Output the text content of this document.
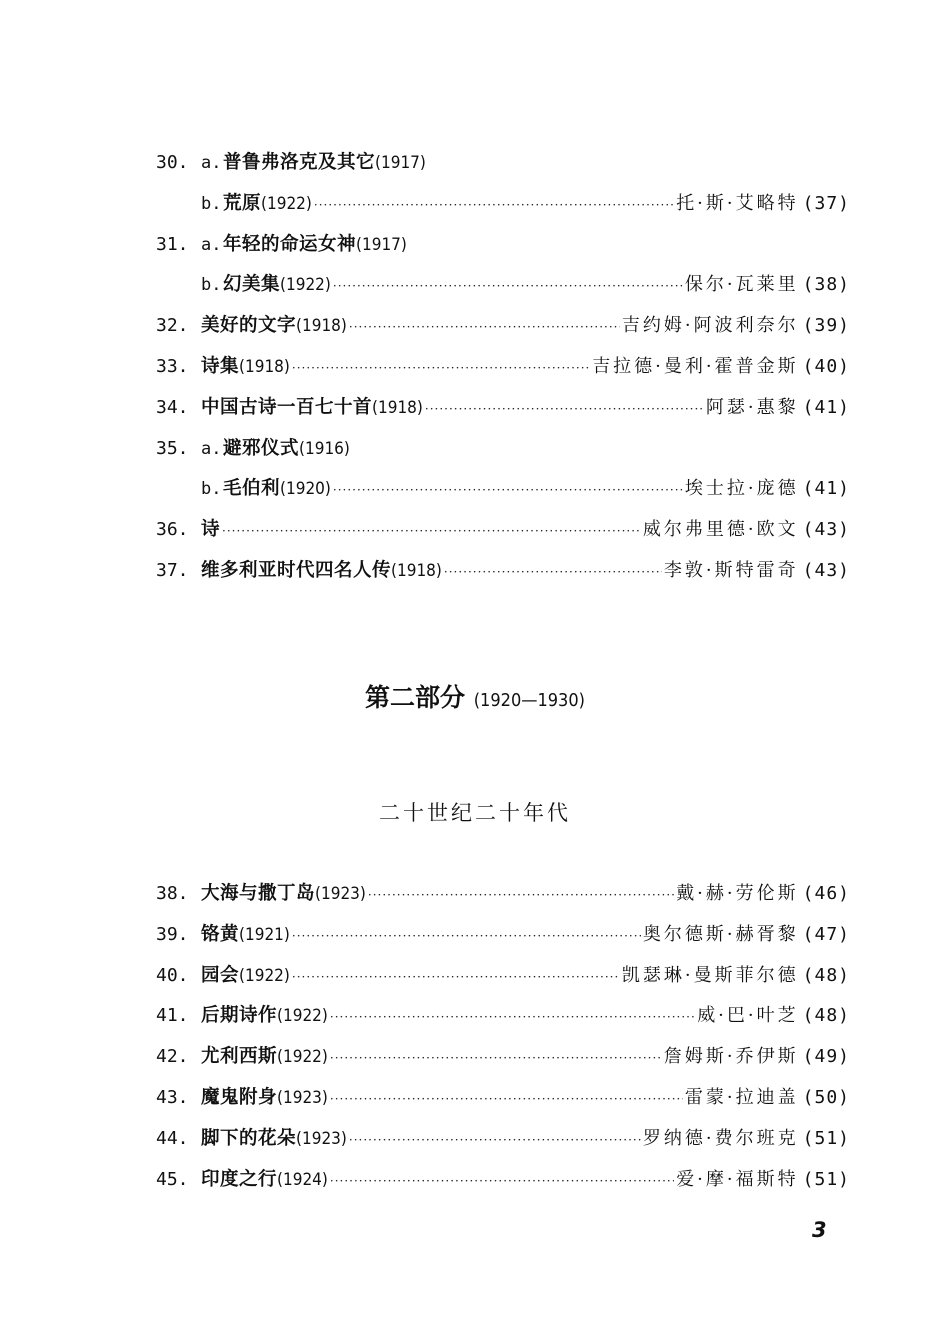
30. a. 普鲁弗洛克及其它 (1917)
b. 荒原 (1922) ·····	托·斯·艾略特 (37)
31. a. 年轻的命运女神 (1917)
b. 幻美集 (1922) ·····	保尔·瓦莱里 (38)
32. 美好的文字 (1918) ·····	吉约姆·阿波利奈尔 (39)
33. 诗集 (1918) ·····	吉拉德·曼利·霍普金斯 (40)
34. 中国古诗一百七十首 (1918) ·····	阿瑟·惠黎 (41)
35. a. 避邪仪式 (1916)
b. 毛伯利 (1920) ·····	埃士拉·庞德 (41)
36. 诗 ·····	威尔弗里德·欧文 (43)
37. 维多利亚时代四名人传 (1918) ·····	李敦·斯特雷奇 (43)
第二部分 (1920—1930)
二十世纪二十年代
38. 大海与撒丁岛 (1923) ·····	戴·赫·劳伦斯 (46)
39. 铬黄 (1921) ·····	奥尔德斯·赫胥黎 (47)
40. 园会 (1922) ·····	凯瑟琳·曼斯菲尔德 (48)
41. 后期诗作 (1922) ·····	威·巴·叶芝 (48)
42. 尤利西斯 (1922) ·····	詹姆斯·乔伊斯 (49)
43. 魔鬼附身 (1923) ·····	雷蒙·拉迪盖 (50)
44. 脚下的花朵 (1923) ·····	罗纳德·费尔班克 (51)
45. 印度之行 (1924) ·····	爱·摩·福斯特 (51)
3
